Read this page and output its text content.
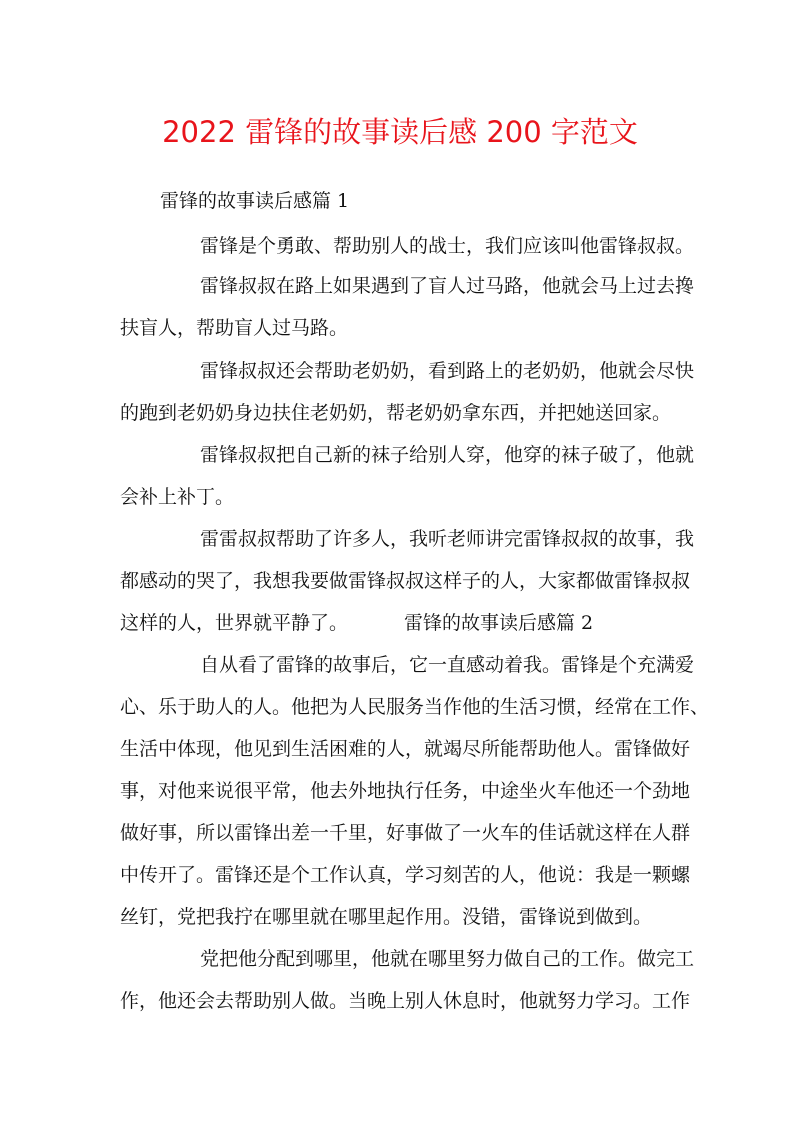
2022 雷锋的故事读后感 200 字范文
雷锋的故事读后感篇 1
雷锋是个勇敢、帮助别人的战士，我们应该叫他雷锋叔叔。
雷锋叔叔在路上如果遇到了盲人过马路，他就会马上过去搀
扶盲人，帮助盲人过马路。
雷锋叔叔还会帮助老奶奶，看到路上的老奶奶，他就会尽快
的跑到老奶奶身边扶住老奶奶，帮老奶奶拿东西，并把她送回家。
雷锋叔叔把自己新的袜子给别人穿，他穿的袜子破了，他就
会补上补丁。
雷雷叔叔帮助了许多人，我听老师讲完雷锋叔叔的故事，我
都感动的哭了，我想我要做雷锋叔叔这样子的人，大家都做雷锋叔叔
这样的人，世界就平静了。	雷锋的故事读后感篇 2
自从看了雷锋的故事后，它一直感动着我。雷锋是个充满爱
心、乐于助人的人。他把为人民服务当作他的生活习惯，经常在工作、
生活中体现，他见到生活困难的人，就竭尽所能帮助他人。雷锋做好
事，对他来说很平常，他去外地执行任务，中途坐火车他还一个劲地
做好事，所以雷锋出差一千里，好事做了一火车的佳话就这样在人群
中传开了。雷锋还是个工作认真，学习刻苦的人，他说：我是一颗螺
丝钉，党把我拧在哪里就在哪里起作用。没错，雷锋说到做到。
党把他分配到哪里，他就在哪里努力做自己的工作。做完工
作，他还会去帮助别人做。当晚上别人休息时，他就努力学习。工作
